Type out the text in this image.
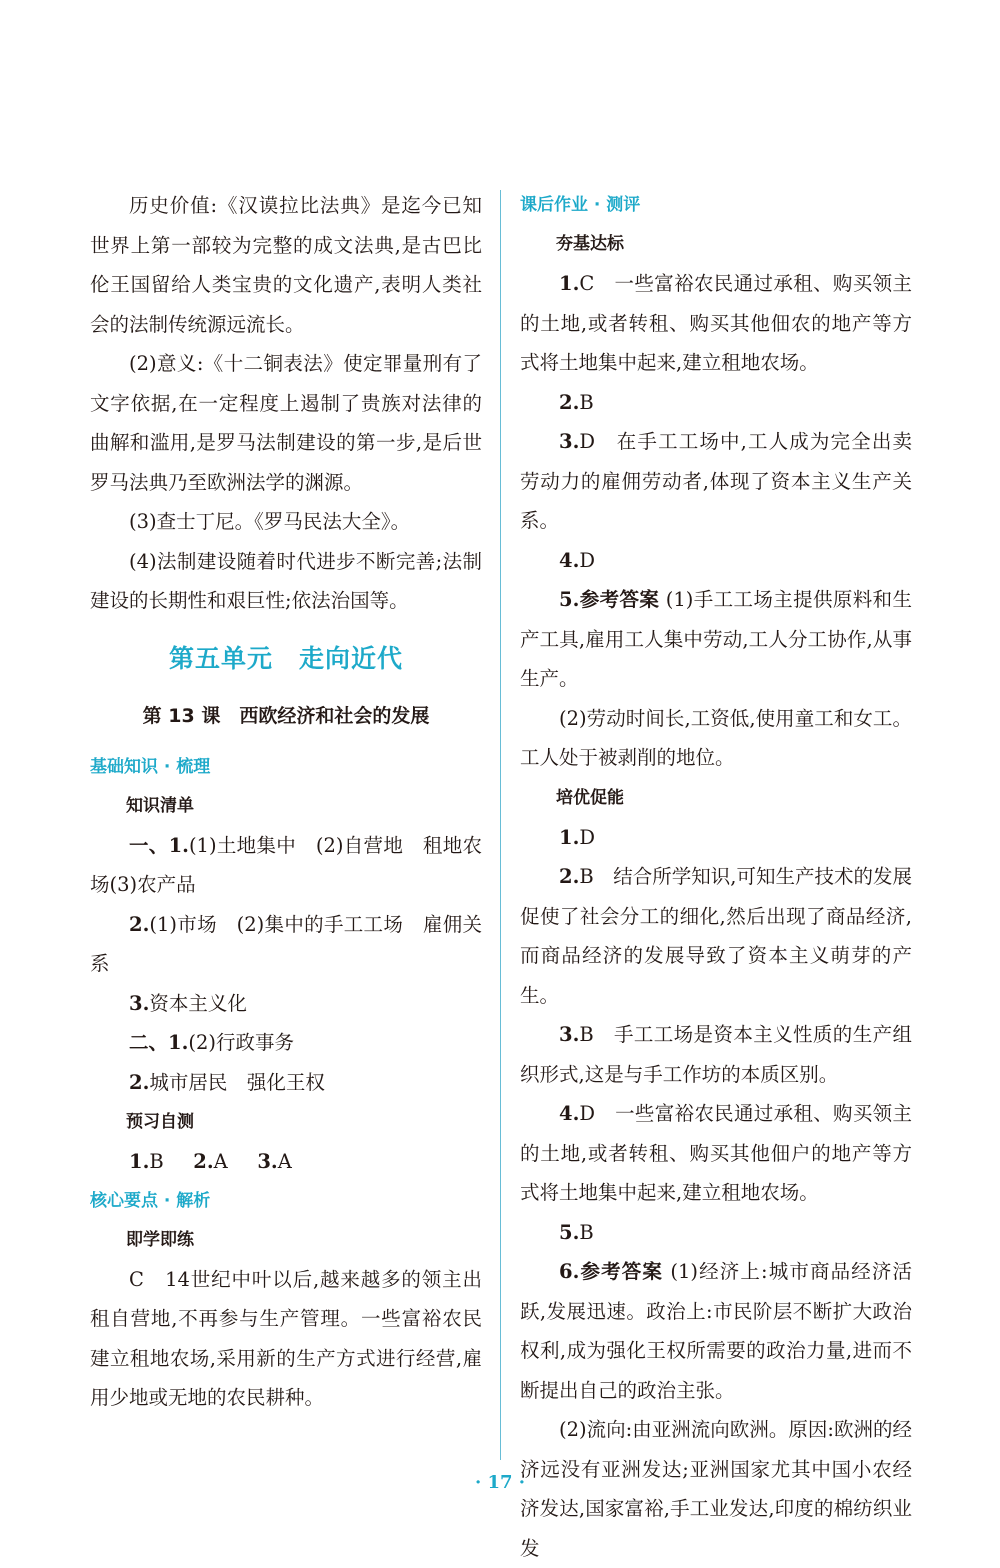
历史价值:《汉谟拉比法典》是迄今已知世界上第一部较为完整的成文法典,是古巴比伦王国留给人类宝贵的文化遗产,表明人类社会的法制传统源远流长。

(2)意义:《十二铜表法》使定罪量刑有了文字依据,在一定程度上遏制了贵族对法律的曲解和滥用,是罗马法制建设的第一步,是后世罗马法典乃至欧洲法学的渊源。

(3)查士丁尼。《罗马民法大全》。

(4)法制建设随着时代进步不断完善;法制建设的长期性和艰巨性;依法治国等。

第五单元　走向近代
第 13 课　西欧经济和社会的发展

基础知识 · 梳理

知识清单

一、1.(1)土地集中　(2)自营地　租地农场(3)农产品

2.(1)市场　(2)集中的手工工场　雇佣关系

3.资本主义化

二、1.(2)行政事务

2.城市居民　强化王权

预习自测

1.B 2.A 3.A

核心要点 · 解析

即学即练

C　14世纪中叶以后,越来越多的领主出租自营地,不再参与生产管理。一些富裕农民建立租地农场,采用新的生产方式进行经营,雇用少地或无地的农民耕种。

课后作业 · 测评

夯基达标

1.C　一些富裕农民通过承租、购买领主的土地,或者转租、购买其他佃农的地产等方式将土地集中起来,建立租地农场。

2.B

3.D　在手工工场中,工人成为完全出卖劳动力的雇佣劳动者,体现了资本主义生产关系。

4.D

5.参考答案 (1)手工工场主提供原料和生产工具,雇用工人集中劳动,工人分工协作,从事生产。

(2)劳动时间长,工资低,使用童工和女工。工人处于被剥削的地位。

培优促能

1.D

2.B　结合所学知识,可知生产技术的发展促使了社会分工的细化,然后出现了商品经济,而商品经济的发展导致了资本主义萌芽的产生。

3.B　手工工场是资本主义性质的生产组织形式,这是与手工作坊的本质区别。

4.D　一些富裕农民通过承租、购买领主的土地,或者转租、购买其他佃户的地产等方式将土地集中起来,建立租地农场。

5.B

6.参考答案 (1)经济上:城市商品经济活跃,发展迅速。政治上:市民阶层不断扩大政治权利,成为强化王权所需要的政治力量,进而不断提出自己的政治主张。

(2)流向:由亚洲流向欧洲。原因:欧洲的经济远没有亚洲发达;亚洲国家尤其中国小农经济发达,国家富裕,手工业发达,印度的棉纺织业发

· 17 ·
